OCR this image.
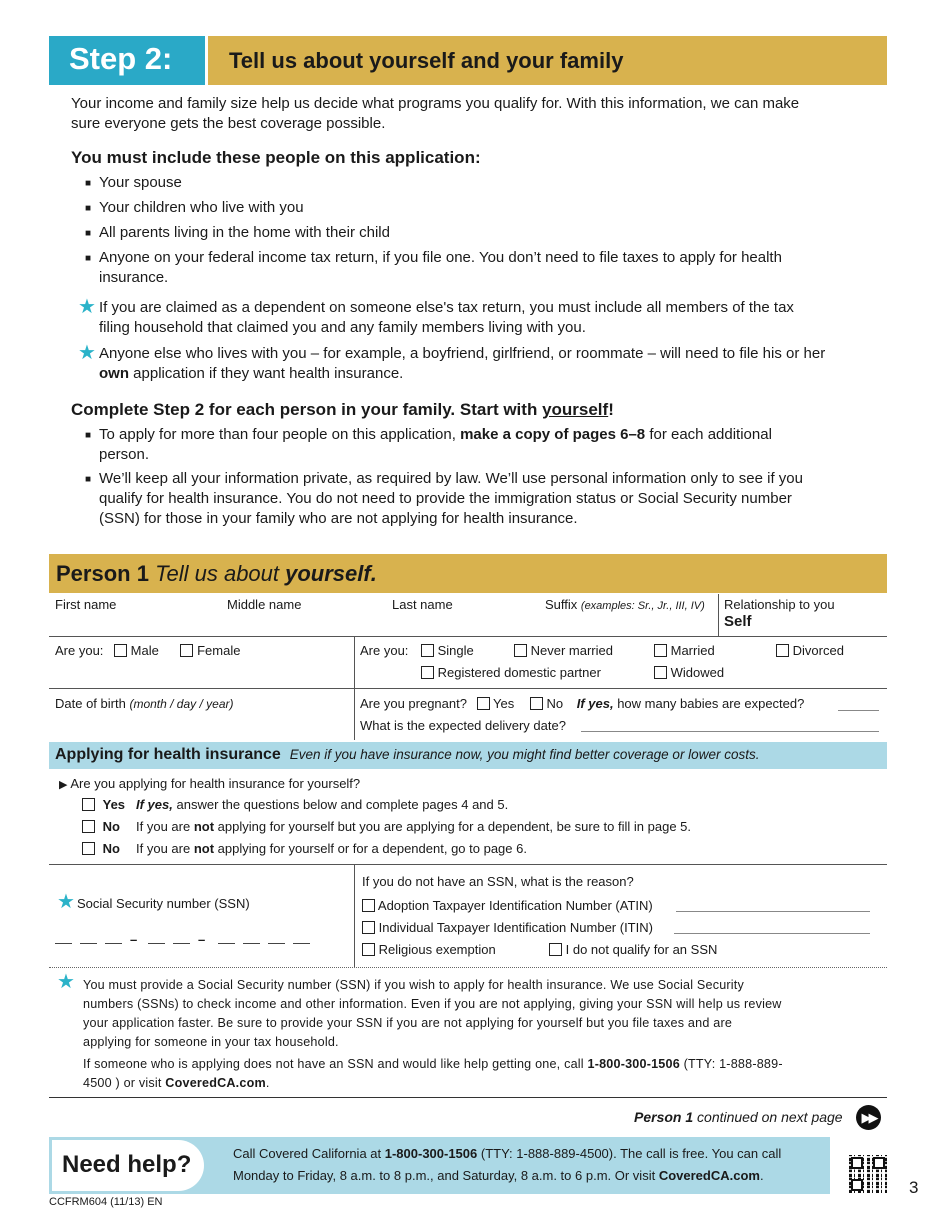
Step 2:	Tell us about yourself and your family
Your income and family size help us decide what programs you qualify for. With this information, we can make sure everyone gets the best coverage possible.
You must include these people on this application:
■ Your spouse
■ Your children who live with you
■ All parents living in the home with their child
■ Anyone on your federal income tax return, if you file one. You don’t need to file taxes to apply for health insurance.
★ If you are claimed as a dependent on someone else's tax return, you must include all members of the tax filing household that claimed you and any family members living with you.
★ Anyone else who lives with you – for example, a boyfriend, girlfriend, or roommate – will need to file his or her own application if they want health insurance.
Complete Step 2 for each person in your family. Start with yourself!
■ To apply for more than four people on this application, make a copy of pages 6–8 for each additional person.
■ We’ll keep all your information private, as required by law. We’ll use personal information only to see if you qualify for health insurance. You do not need to provide the immigration status or Social Security number (SSN) for those in your family who are not applying for health insurance.
Person 1 Tell us about yourself.
First name	Middle name	Last name	Suffix (examples: Sr., Jr., III, IV) Relationship to you
Self
Are you: Male	Female	Are you:	Single	Never married	Married	Divorced
Registered domestic partner	Widowed
Date of birth (month / day / year)	Are you pregnant? Yes No If yes, how many babies are expected?
What is the expected delivery date?
Applying for health insurance Even if you have insurance now, you might find better coverage or lower costs.
▶ Are you applying for health insurance for yourself?
Yes If yes, answer the questions below and complete pages 4 and 5.
No If you are not applying for yourself but you are applying for a dependent, be sure to fill in page 5.
No If you are not applying for yourself or for a dependent, go to page 6.
★ Social Security number (SSN)
–	–
If you do not have an SSN, what is the reason?
Adoption Taxpayer Identification Number (ATIN)
Individual Taxpayer Identification Number (ITIN)
Religious exemption	I do not qualify for an SSN
★ You must provide a Social Security number (SSN) if you wish to apply for health insurance. We use Social Security numbers (SSNs) to check income and other information. Even if you are not applying, giving your SSN will help us review your application faster. Be sure to provide your SSN if you are not applying for yourself but you file taxes and are applying for someone in your tax household.
If someone who is applying does not have an SSN and would like help getting one, call 1-800-300-1506 (TTY: 1-888-889-4500 ) or visit CoveredCA.com.
Person 1 continued on next page	▶▶
Need help?	Call Covered California at 1-800-300-1506 (TTY: 1-888-889-4500). The call is free. You can call
Monday to Friday, 8 a.m. to 8 p.m., and Saturday, 8 a.m. to 6 p.m. Or visit CoveredCA.com.
3
CCFRM604 (11/13) EN
